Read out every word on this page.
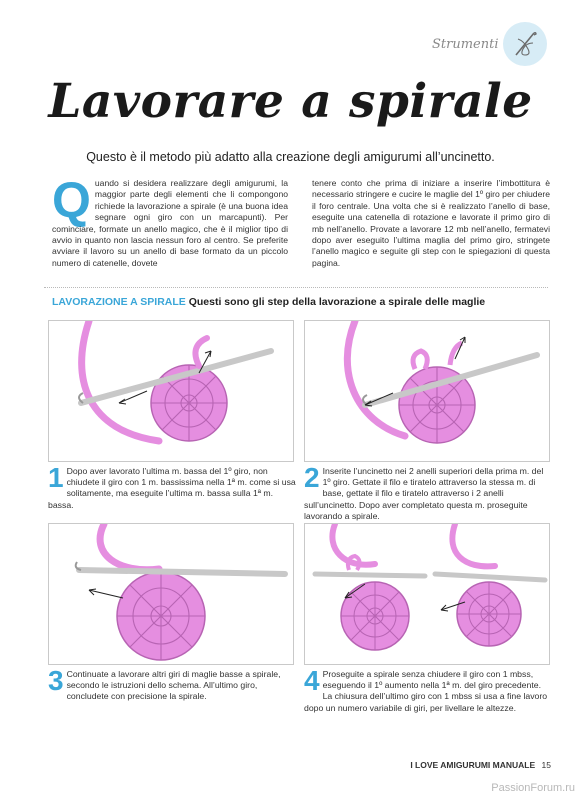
Strumenti
Lavorare a spirale

Questo è il metodo più adatto alla creazione degli amigurumi all’uncinetto.

Q uando si desidera realizzare degli amigurumi, la maggior parte degli elementi che li compongono richiede la lavorazione a spirale (è una buona idea segnare ogni giro con un marcapunti). Per cominciare, formate un anello magico, che è il miglior tipo di avvio in quanto non lascia nessun foro al centro. Se preferite avviare il lavoro su un anello di base formato da un piccolo numero di catenelle, dovete
tenere conto che prima di iniziare a inserire l’imbottitura è necessario stringere e cucire le maglie del 1º giro per chiudere il foro centrale. Una volta che si è realizzato l’anello di base, eseguite una catenella di rotazione e lavorate il primo giro di mb nell’anello. Provate a lavorare 12 mb nell’anello, fermatevi dopo aver eseguito l’ultima maglia del primo giro, stringete l’anello magico e seguite gli step con le spiegazioni di questa pagina.
LAVORAZIONE A SPIRALE Questi sono gli step della lavorazione a spirale delle maglie
1 Dopo aver lavorato l’ultima m. bassa del 1º giro, non chiudete il giro con 1 m. bassissima nella 1ª m. come si usa solitamente, ma eseguite l’ultima m. bassa sulla 1ª m. bassa.
2 Inserite l’uncinetto nei 2 anelli superiori della prima m. del 1º giro. Gettate il filo e tiratelo attraverso la stessa m. di base, gettate il filo e tiratelo attraverso i 2 anelli sull’uncinetto. Dopo aver completato questa m. proseguite lavorando a spirale.
3 Continuate a lavorare altri giri di maglie basse a spirale, secondo le istruzioni dello schema. All’ultimo giro, concludete con precisione la spirale.
4 Proseguite a spirale senza chiudere il giro con 1 mbss, eseguendo il 1º aumento nella 1ª m. del giro precedente. La chiusura dell’ultimo giro con 1 mbss si usa a fine lavoro dopo un numero variabile di giri, per livellare le altezze.
I LOVE AMIGURUMI MANUALE 15
PassionForum.ru
